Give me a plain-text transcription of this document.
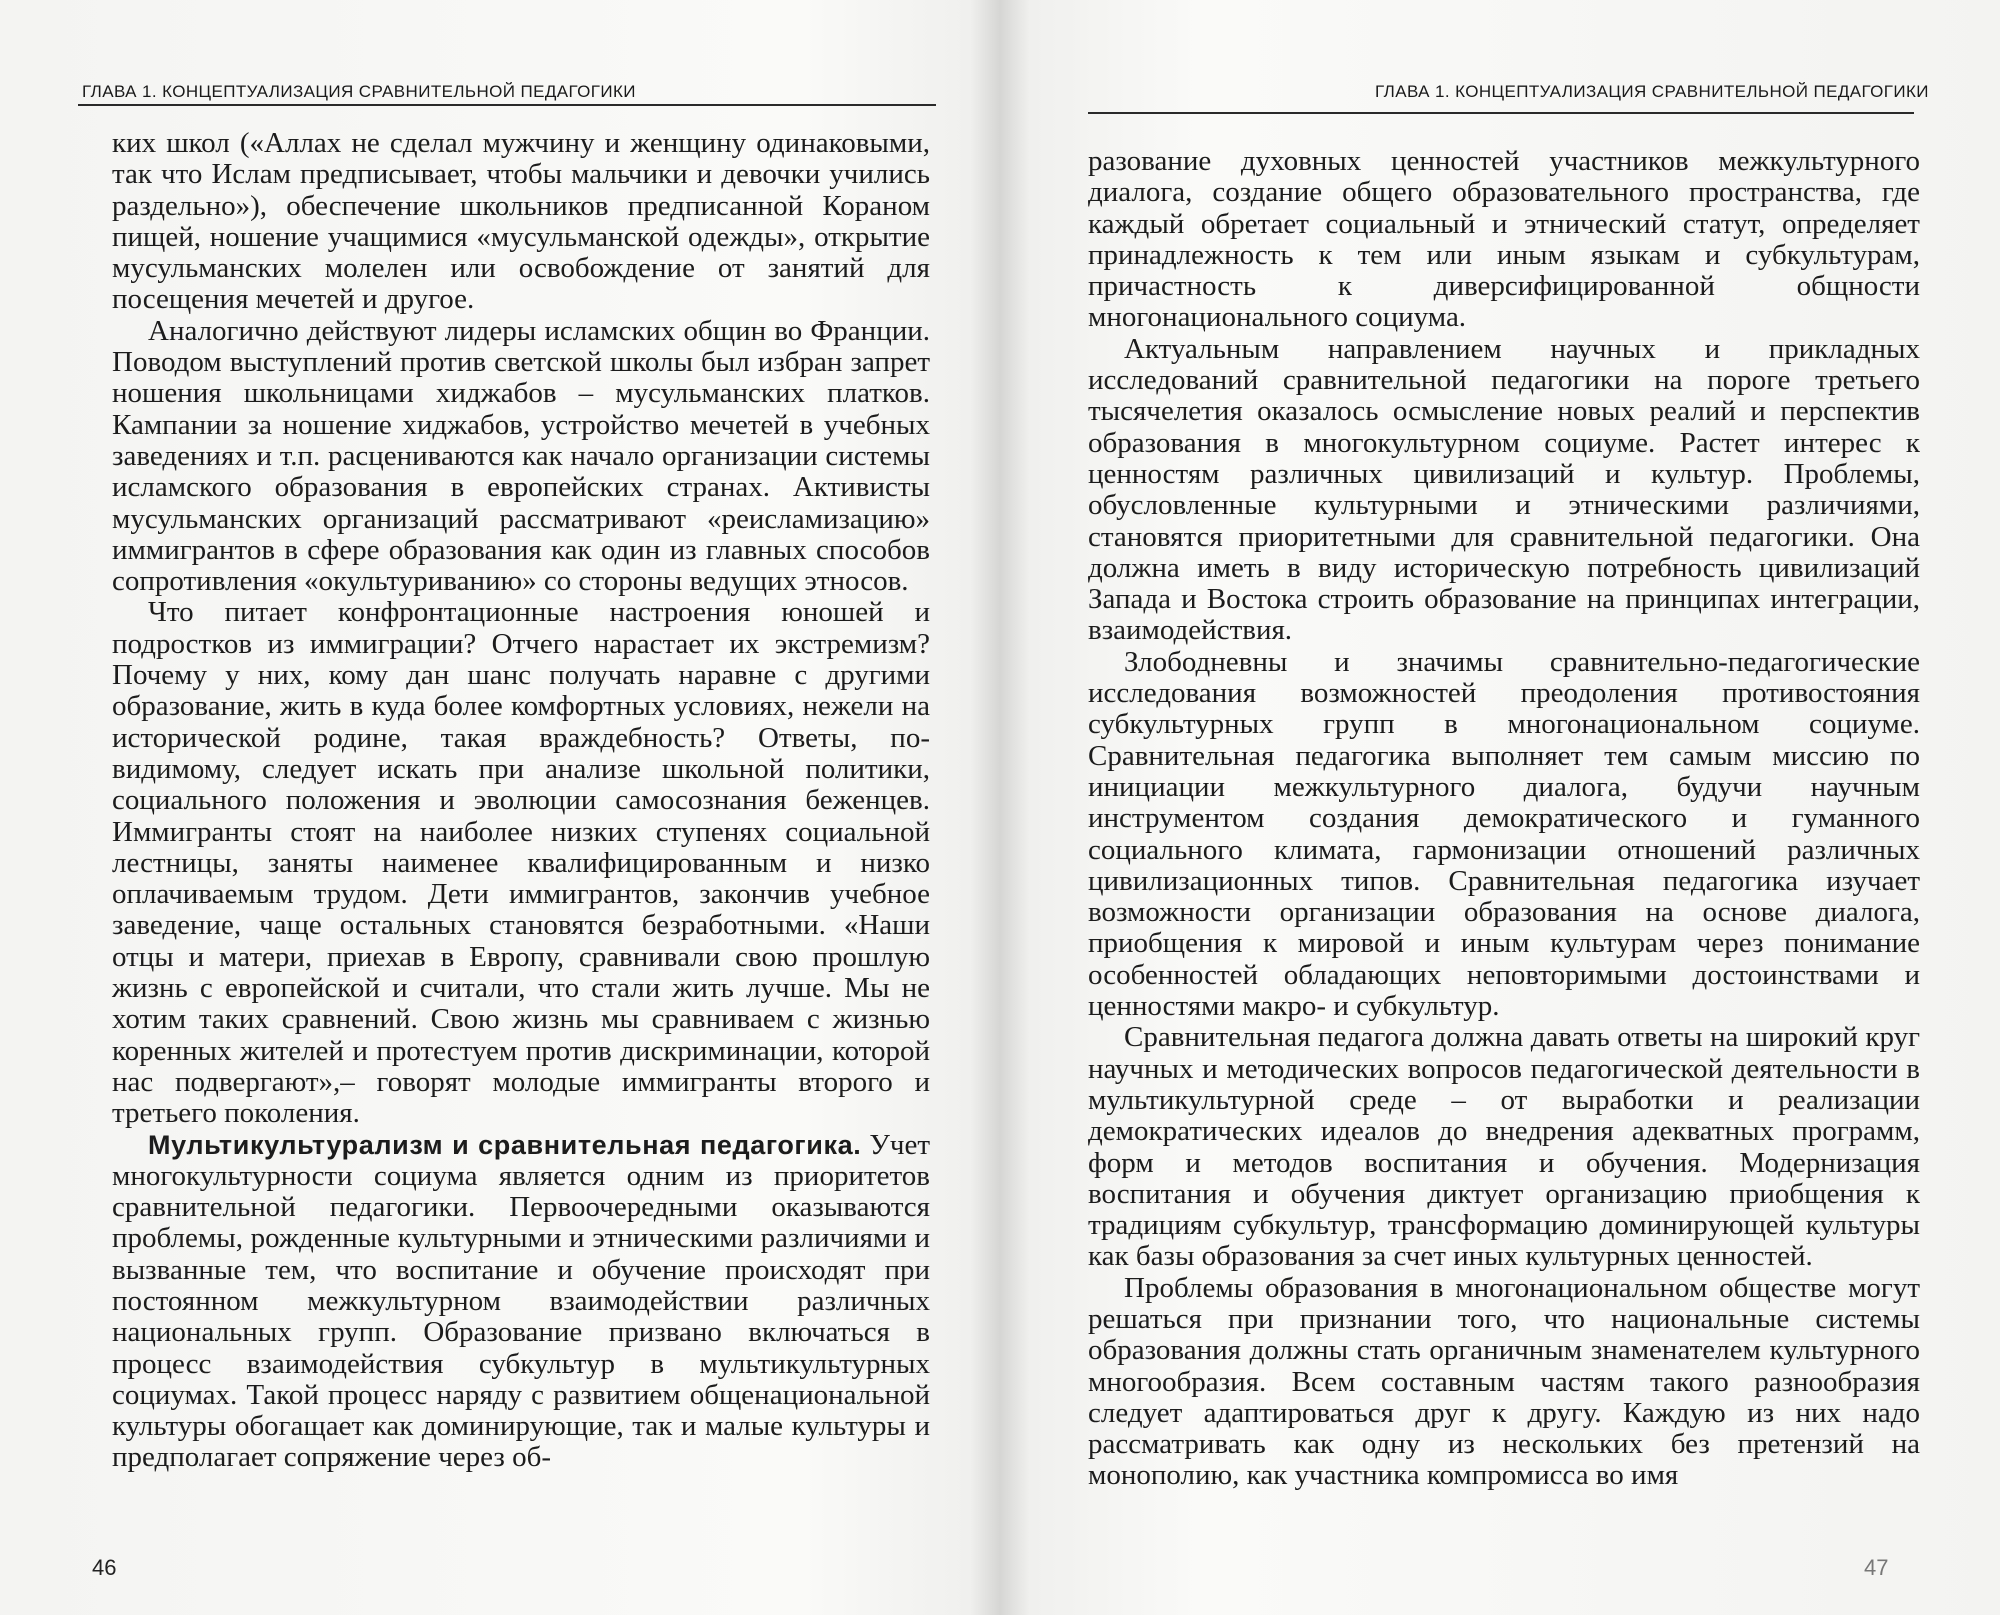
ГЛАВА 1. КОНЦЕПТУАЛИЗАЦИЯ СРАВНИТЕЛЬНОЙ ПЕДАГОГИКИ

ких школ («Аллах не сделал мужчину и женщину одинаковыми, так что Ислам предписывает, чтобы мальчики и девочки учились раздельно»), обеспечение школьников предписанной Кораном пищей, ношение учащимися «мусульманской одежды», открытие мусульманских молелен или освобождение от занятий для посещения мечетей и другое.

Аналогично действуют лидеры исламских общин во Франции. Поводом выступлений против светской школы был избран запрет ношения школьницами хиджабов – мусульманских платков. Кампании за ношение хиджабов, устройство мечетей в учебных заведениях и т.п. расцениваются как начало организации системы исламского образования в европейских странах. Активисты мусульманских организаций рассматривают «реисламизацию» иммигрантов в сфере образования как один из главных способов сопротивления «окультуриванию» со стороны ведущих этносов.

Что питает конфронтационные настроения юношей и подростков из иммиграции? Отчего нарастает их экстремизм? Почему у них, кому дан шанс получать наравне с другими образование, жить в куда более комфортных условиях, нежели на исторической родине, такая враждебность? Ответы, по-видимому, следует искать при анализе школьной политики, социального положения и эволюции самосознания беженцев. Иммигранты стоят на наиболее низких ступенях социальной лестницы, заняты наименее квалифицированным и низко оплачиваемым трудом. Дети иммигрантов, закончив учебное заведение, чаще остальных становятся безработными. «Наши отцы и матери, приехав в Европу, сравнивали свою прошлую жизнь с европейской и считали, что стали жить лучше. Мы не хотим таких сравнений. Свою жизнь мы сравниваем с жизнью коренных жителей и протестуем против дискриминации, которой нас подвергают»,– говорят молодые иммигранты второго и третьего поколения.

Мультикультурализм и сравнительная педагогика. Учет многокультурности социума является одним из приоритетов сравнительной педагогики. Первоочередными оказываются проблемы, рожденные культурными и этническими различиями и вызванные тем, что воспитание и обучение происходят при постоянном межкультурном взаимодействии различных национальных групп. Образование призвано включаться в процесс взаимодействия субкультур в мультикультурных социумах. Такой процесс наряду с развитием общенациональной культуры обогащает как доминирующие, так и малые культуры и предполагает сопряжение через об-

46
ГЛАВА 1. КОНЦЕПТУАЛИЗАЦИЯ СРАВНИТЕЛЬНОЙ ПЕДАГОГИКИ

разование духовных ценностей участников межкультурного диалога, создание общего образовательного пространства, где каждый обретает социальный и этнический статут, определяет принадлежность к тем или иным языкам и субкультурам, причастность к диверсифицированной общности многонационального социума.

Актуальным направлением научных и прикладных исследований сравнительной педагогики на пороге третьего тысячелетия оказалось осмысление новых реалий и перспектив образования в многокультурном социуме. Растет интерес к ценностям различных цивилизаций и культур. Проблемы, обусловленные культурными и этническими различиями, становятся приоритетными для сравнительной педагогики. Она должна иметь в виду историческую потребность цивилизаций Запада и Востока строить образование на принципах интеграции, взаимодействия.

Злободневны и значимы сравнительно-педагогические исследования возможностей преодоления противостояния субкультурных групп в многонациональном социуме. Сравнительная педагогика выполняет тем самым миссию по инициации межкультурного диалога, будучи научным инструментом создания демократического и гуманного социального климата, гармонизации отношений различных цивилизационных типов. Сравнительная педагогика изучает возможности организации образования на основе диалога, приобщения к мировой и иным культурам через понимание особенностей обладающих неповторимыми достоинствами и ценностями макро- и субкультур.

Сравнительная педагога должна давать ответы на широкий круг научных и методических вопросов педагогической деятельности в мультикультурной среде – от выработки и реализации демократических идеалов до внедрения адекватных программ, форм и методов воспитания и обучения. Модернизация воспитания и обучения диктует организацию приобщения к традициям субкультур, трансформацию доминирующей культуры как базы образования за счет иных культурных ценностей.

Проблемы образования в многонациональном обществе могут решаться при признании того, что национальные системы образования должны стать органичным знаменателем культурного многообразия. Всем составным частям такого разнообразия следует адаптироваться друг к другу. Каждую из них надо рассматривать как одну из нескольких без претензий на монополию, как участника компромисса во имя

47
